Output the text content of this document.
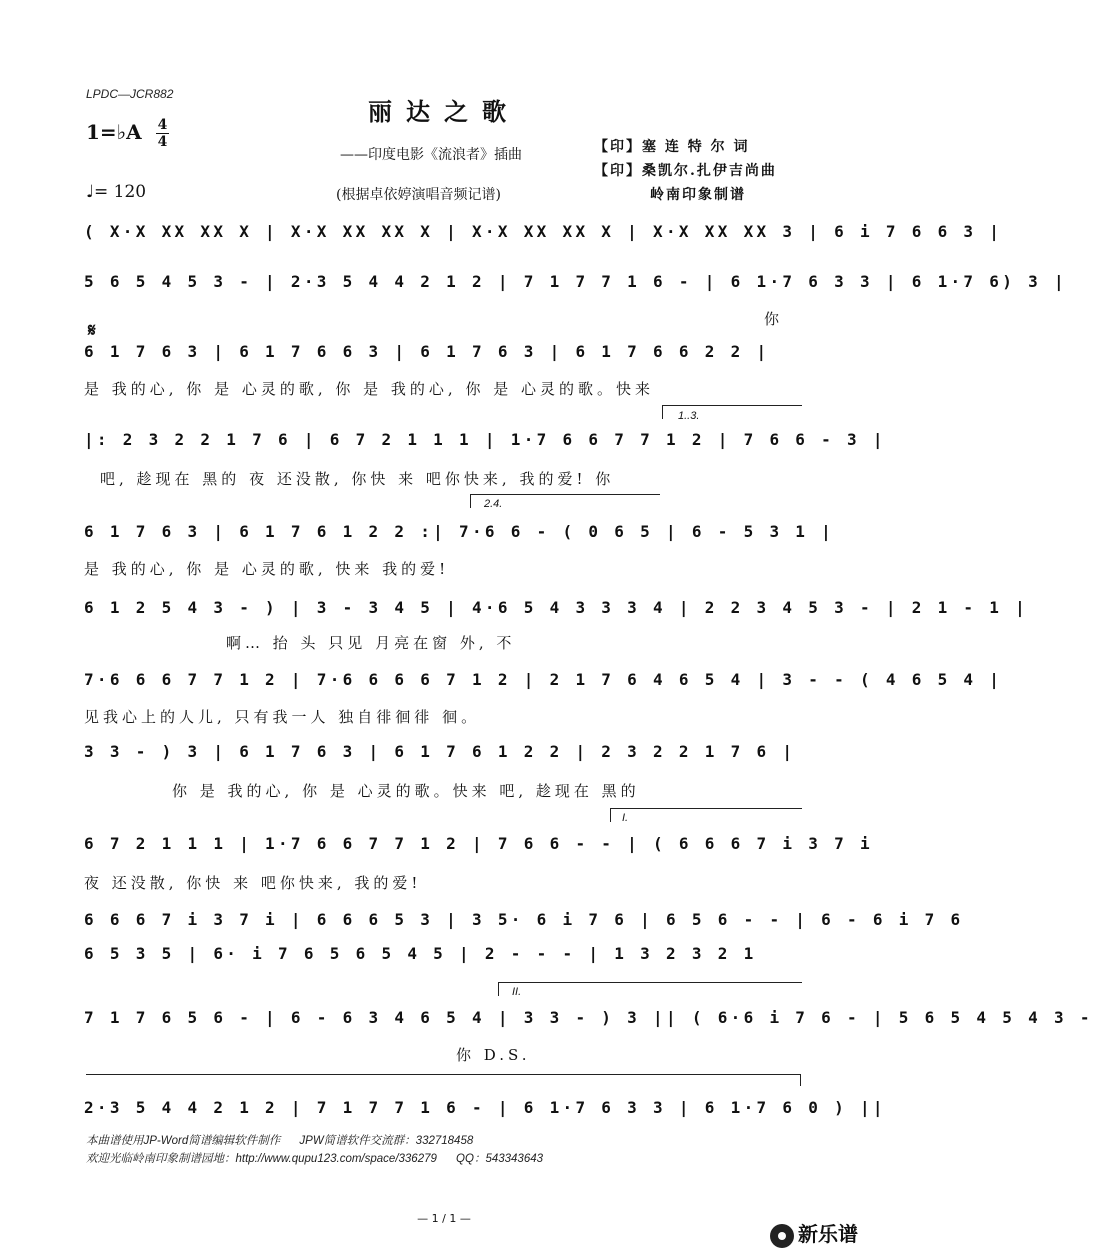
LPDC—JCR882
丽达之歌
1=♭A 4
4
——印度电影《流浪者》插曲	【印】塞 连 特 尔 词
【印】桑凯尔.扎伊吉尚曲
岭南印象制谱
♩= 120	(根据卓依婷演唱音频记谱)
𝄋
( X·X XX XX X | X·X XX XX X | X·X XX XX X | X·X XX XX 3 | 6 i 7 6 6 3 |
5 6 5 4 5 3 - | 2·3 5 4 4 2 1 2 | 7 1 7 7 1 6 - | 6 1·7 6 3 3 | 6 1·7 6) 3 |
你
6 1 7 6 3 | 6 1 7 6 6 3 | 6 1 7 6 3 | 6 1 7 6 6 2 2 |
是 我的心, 你 是 心灵的歌, 你 是 我的心, 你 是 心灵的歌。快来
1..3.
|: 2 3 2 2 1 7 6 | 6 7 2 1 1 1 | 1·7 6 6 7 7 1 2 | 7 6 6 - 3 |
吧, 趁现在 黑的 夜 还没散, 你快 来 吧你快来, 我的爱! 你
2.4.
6 1 7 6 3 | 6 1 7 6 1 2 2 :| 7·6 6 - ( 0 6 5 | 6 - 5 3 1 |
是 我的心, 你 是 心灵的歌, 快来 我的爱!
6 1 2 5 4 3 - ) | 3 - 3 4 5 | 4·6 5 4 3 3 3 4 | 2 2 3 4 5 3 - | 2 1 - 1 |
啊… 抬 头 只见 月亮在窗 外, 不
7·6 6 6 7 7 1 2 | 7·6 6 6 6 7 1 2 | 2 1 7 6 4 6 5 4 | 3 - - ( 4 6 5 4 |
见我心上的人儿, 只有我一人 独自徘徊徘 徊。
3 3 - ) 3 | 6 1 7 6 3 | 6 1 7 6 1 2 2 | 2 3 2 2 1 7 6 |
你 是 我的心, 你 是 心灵的歌。快来 吧, 趁现在 黑的
I.
6 7 2 1 1 1 | 1·7 6 6 7 7 1 2 | 7 6 6 - - | ( 6 6 6 7 i 3 7 i
夜 还没散, 你快 来 吧你快来, 我的爱!
6 6 6 7 i 3 7 i | 6 6 6 5 3 | 3 5· 6 i 7 6 | 6 5 6 - - | 6 - 6 i 7 6
6 5 3 5 | 6· i 7 6 5 6 5 4 5 | 2 - - - | 1 3 2 3 2 1
II.
7 1 7 6 5 6 - | 6 - 6 3 4 6 5 4 | 3 3 - ) 3 || ( 6·6 i 7 6 - | 5 6 5 4 5 4 3 -
你 D.S.
2·3 5 4 4 2 1 2 | 7 1 7 7 1 6 - | 6 1·7 6 3 3 | 6 1·7 6 0 ) ||
本曲谱使用JP-Word简谱编辑软件制作      JPW简谱软件交流群：332718458
欢迎光临岭南印象制谱园地：http://www.qupu123.com/space/336279      QQ：543343643
— 1 / 1 —
新乐谱
